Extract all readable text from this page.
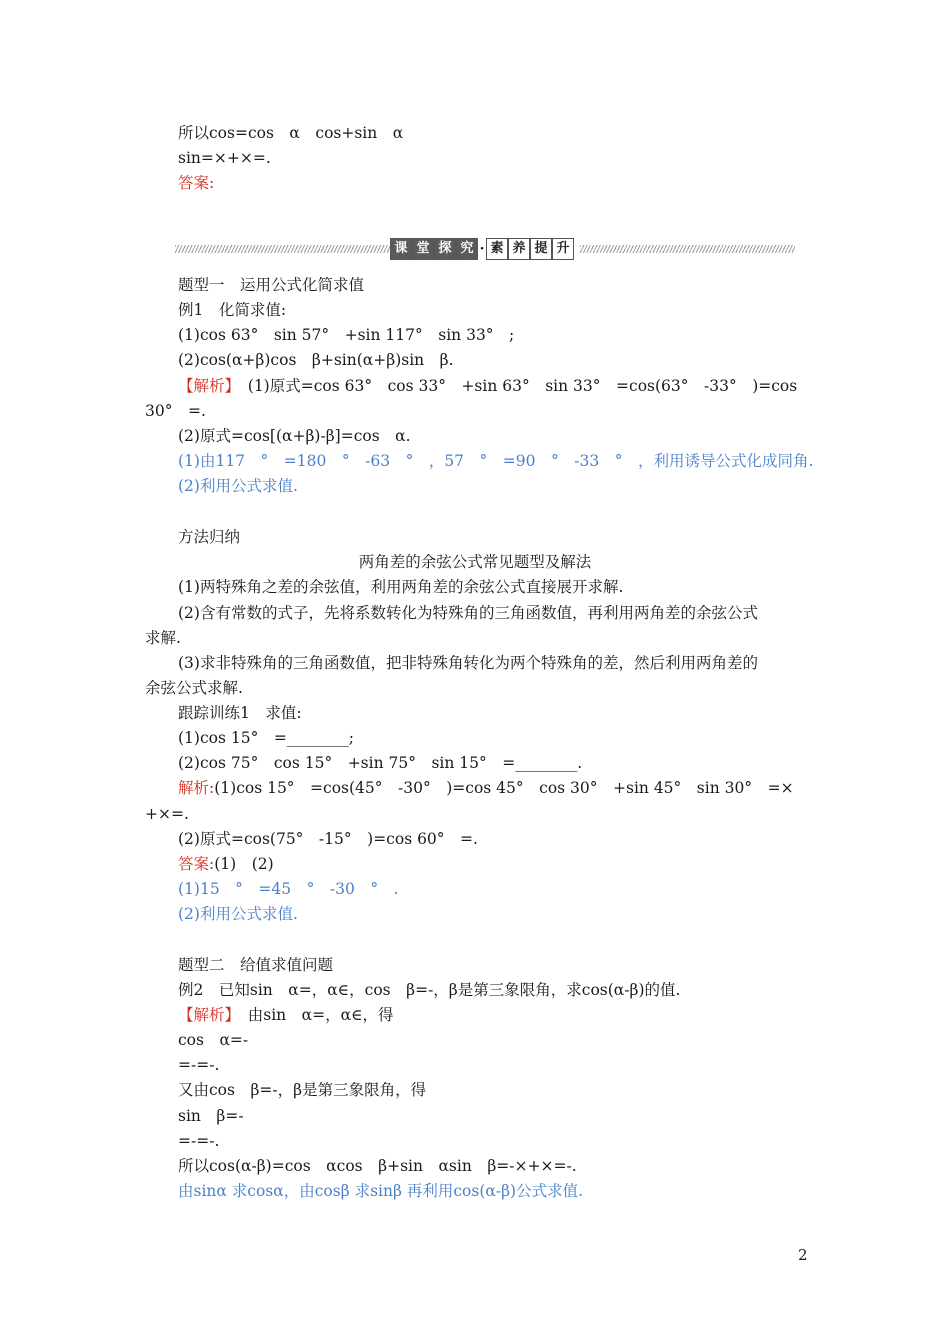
所以cos=cos　α　cos+sin　α
sin=×+×=.
答案:
题型一　运用公式化简求值
例1　化简求值:
(1)cos 63°　sin 57°　+sin 117°　sin 33°　;
(2)cos(α+β)cos　β+sin(α+β)sin　β.
【解析】　(1)原式=cos 63°　cos 33°　+sin 63°　sin 33°　=cos(63°　-33°　)=cos
30°　=.
(2)原式=cos[(α+β)-β]=cos　α.
(1)由117　°　=180　°　-63　°　，57　°　=90　°　-33　°　，利用诱导公式化成同角.
(2)利用公式求值.
方法归纳
两角差的余弦公式常见题型及解法
(1)两特殊角之差的余弦值，利用两角差的余弦公式直接展开求解.
(2)含有常数的式子，先将系数转化为特殊角的三角函数值，再利用两角差的余弦公式
求解.
(3)求非特殊角的三角函数值，把非特殊角转化为两个特殊角的差，然后利用两角差的
余弦公式求解.
跟踪训练1　求值:
(1)cos 15°　=________;
(2)cos 75°　cos 15°　+sin 75°　sin 15°　=________.
解析:(1)cos 15°　=cos(45°　-30°　)=cos 45°　cos 30°　+sin 45°　sin 30°　=×
+×=.
(2)原式=cos(75°　-15°　)=cos 60°　=.
答案:(1)　(2)
(1)15　°　=45　°　-30　°　.
(2)利用公式求值.
题型二　给值求值问题
例2　已知sin　α=，α∈，cos　β=-，β是第三象限角，求cos(α-β)的值.
【解析】　由sin　α=，α∈，得
cos　α=-
=-=-.
又由cos　β=-，β是第三象限角，得
sin　β=-
=-=-.
所以cos(α-β)=cos　αcos　β+sin　αsin　β=-×+×=-.
由sinα 求cosα，由cosβ 求sinβ 再利用cos(α-β)公式求值.
课 堂 探 究 · 素 养 提 升
2
